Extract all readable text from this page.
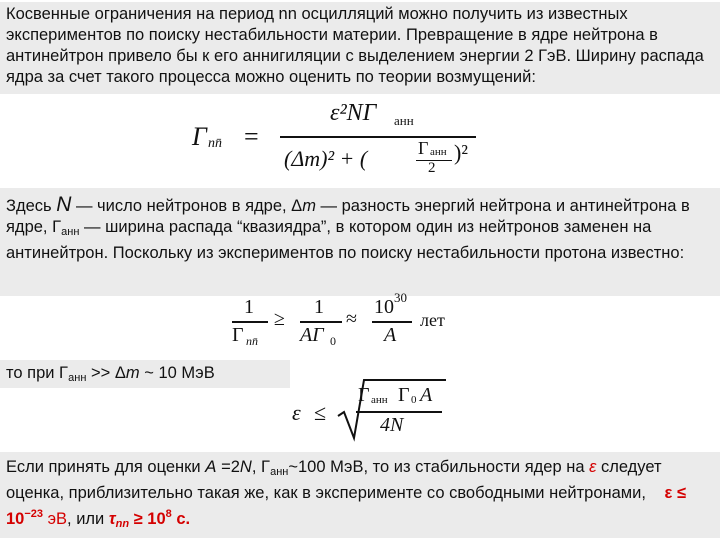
Косвенные ограничения на период nn осцилляций можно получить из известных экспериментов по поиску нестабильности материи. Превращение в ядре нейтрона в антинейтрон привело бы к его аннигиляции с выделением энергии 2 ГэВ. Ширину распада ядра за счет такого процесса можно оценить по теории возмущений:
Γ nn̄ =
ε²NΓ анн
(Δm)² + (	Γ анн
2
)²
Здесь N — число нейтронов в ядре, Δm — разность энергий нейтрона и антинейтрона в ядре, $\Gamma_{анн}$ — ширина распада “квазиядра”, в котором один из нейтронов заменен на антинейтрон. Поскольку из экспериментов по поиску нестабильности протона известно:
1
Γ nn̄
≥
1
AΓ 0
≈
10 30
A
лет
то при $\Gamma_{анн} >> \Delta m$ ~ 10 МэВ
ε ≤
Γ анн Γ 0 A
4N
Если принять для оценки A =2N, $\Gamma_{анн}\sim 100$ МэВ, то из стабильности ядер на ε следует оценка, приблизительно такая же, как в эксперименте со свободными нейтронами, $\varepsilon \le 10^{-23}$ эВ, или $\tau_{nn} \ge 10^8$ с.
